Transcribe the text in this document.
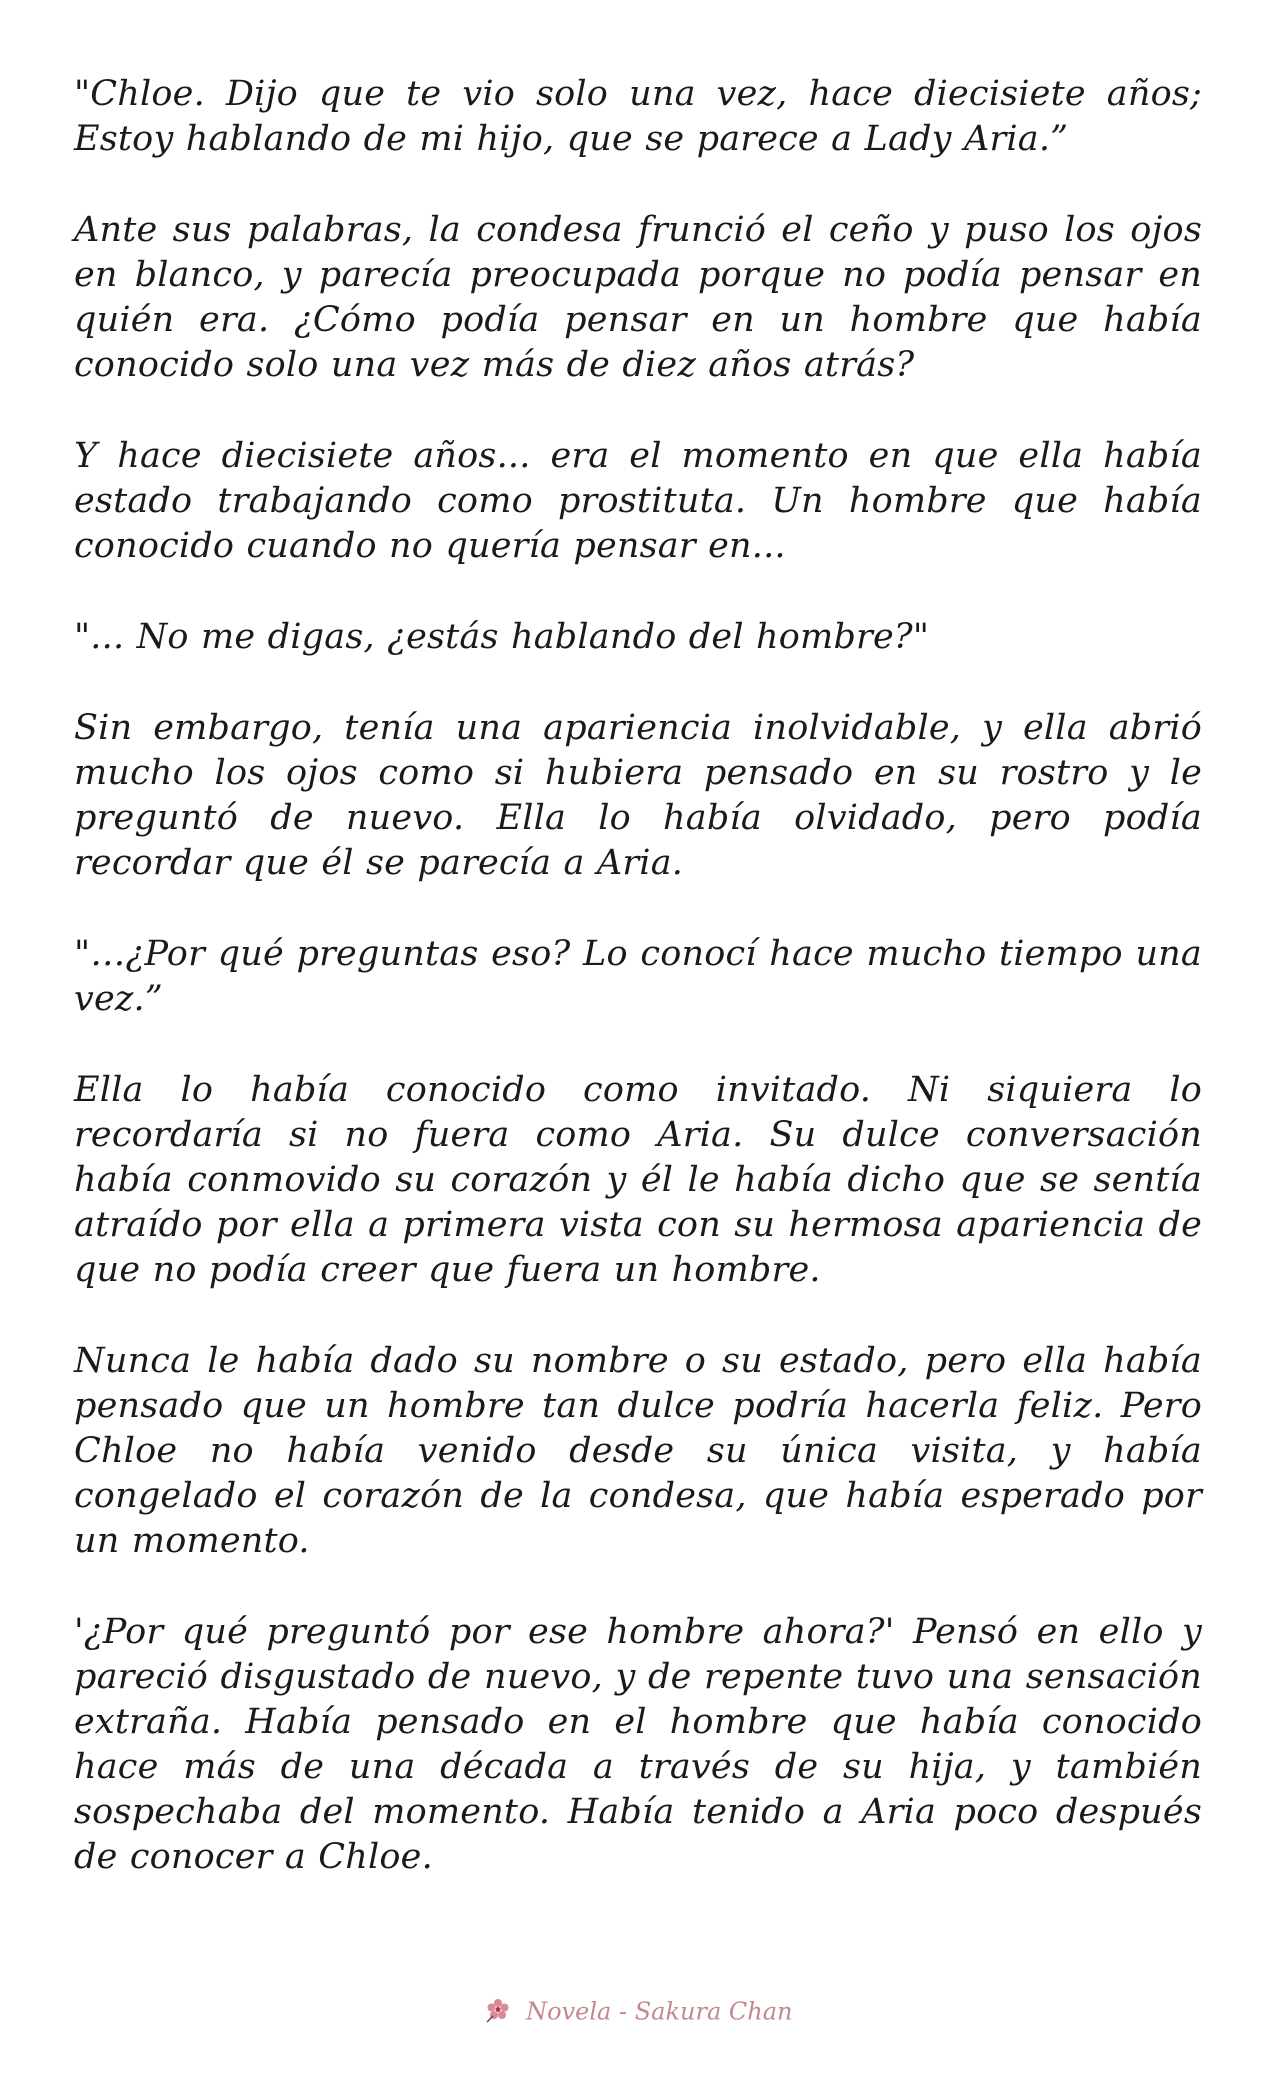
"Chloe. Dijo que te vio solo una vez, hace diecisiete años; Estoy hablando de mi hijo, que se parece a Lady Aria.”

Ante sus palabras, la condesa frunció el ceño y puso los ojos en blanco, y parecía preocupada porque no podía pensar en quién era. ¿Cómo podía pensar en un hombre que había conocido solo una vez más de diez años atrás?

Y hace diecisiete años... era el momento en que ella había estado trabajando como prostituta. Un hombre que había conocido cuando no quería pensar en...

"... No me digas, ¿estás hablando del hombre?"

Sin embargo, tenía una apariencia inolvidable, y ella abrió mucho los ojos como si hubiera pensado en su rostro y le preguntó de nuevo. Ella lo había olvidado, pero podía recordar que él se parecía a Aria.

"…¿Por qué preguntas eso? Lo conocí hace mucho tiempo una vez.”

Ella lo había conocido como invitado. Ni siquiera lo recordaría si no fuera como Aria. Su dulce conversación había conmovido su corazón y él le había dicho que se sentía atraído por ella a primera vista con su hermosa apariencia de que no podía creer que fuera un hombre.

Nunca le había dado su nombre o su estado, pero ella había pensado que un hombre tan dulce podría hacerla feliz. Pero Chloe no había venido desde su única visita, y había congelado el corazón de la condesa, que había esperado por un momento.

'¿Por qué preguntó por ese hombre ahora?' Pensó en ello y pareció disgustado de nuevo, y de repente tuvo una sensación extraña. Había pensado en el hombre que había conocido hace más de una década a través de su hija, y también sospechaba del momento. Había tenido a Aria poco después de conocer a Chloe.

Novela - Sakura Chan
